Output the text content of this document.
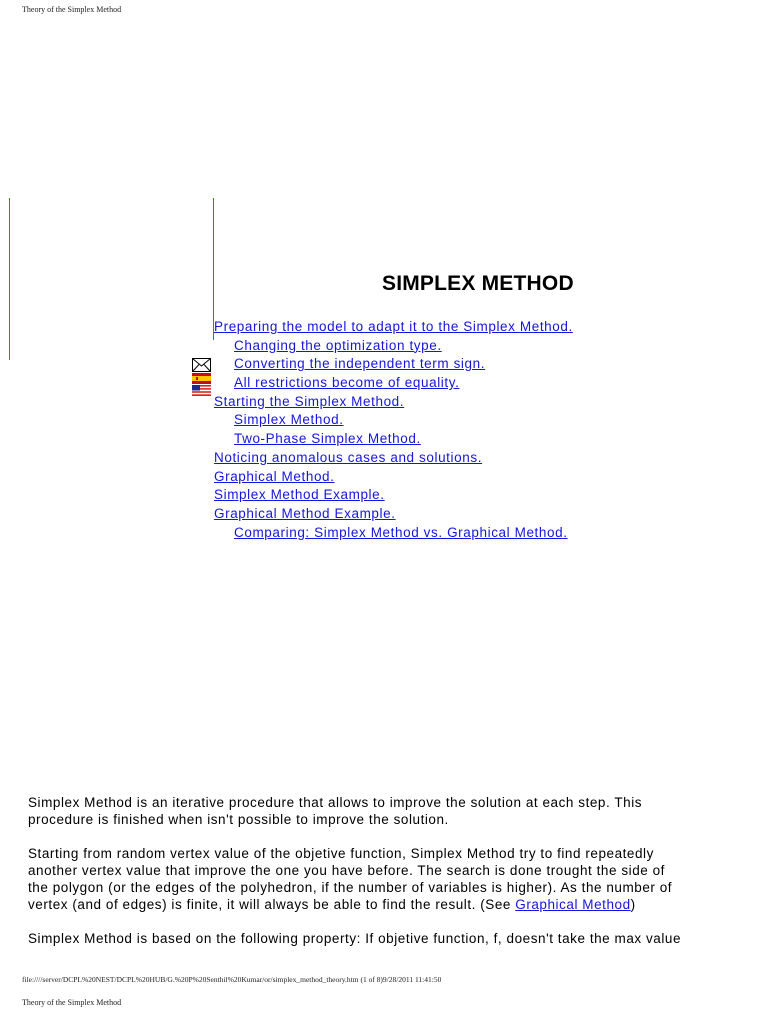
Theory of the Simplex Method
SIMPLEX METHOD
Preparing the model to adapt it to the Simplex Method.
Changing the optimization type.
Converting the independent term sign.
All restrictions become of equality.
Starting the Simplex Method.
Simplex Method.
Two-Phase Simplex Method.
Noticing anomalous cases and solutions.
Graphical Method.
Simplex Method Example.
Graphical Method Example.
Comparing: Simplex Method vs. Graphical Method.

Simplex Method is an iterative procedure that allows to improve the solution at each step. This
procedure is finished when isn't possible to improve the solution.

Starting from random vertex value of the objetive function, Simplex Method try to find repeatedly
another vertex value that improve the one you have before. The search is done trought the side of
the polygon (or the edges of the polyhedron, if the number of variables is higher). As the number of
vertex (and of edges) is finite, it will always be able to find the result. (See Graphical Method)

Simplex Method is based on the following property: If objetive function, f, doesn't take the max value

file:////server/DCPL%20NEST/DCPL%20HUB/G.%20P%20Senthil%20Kumar/or/simplex_method_theory.htm (1 of 8)9/28/2011 11:41:50
Theory of the Simplex Method
